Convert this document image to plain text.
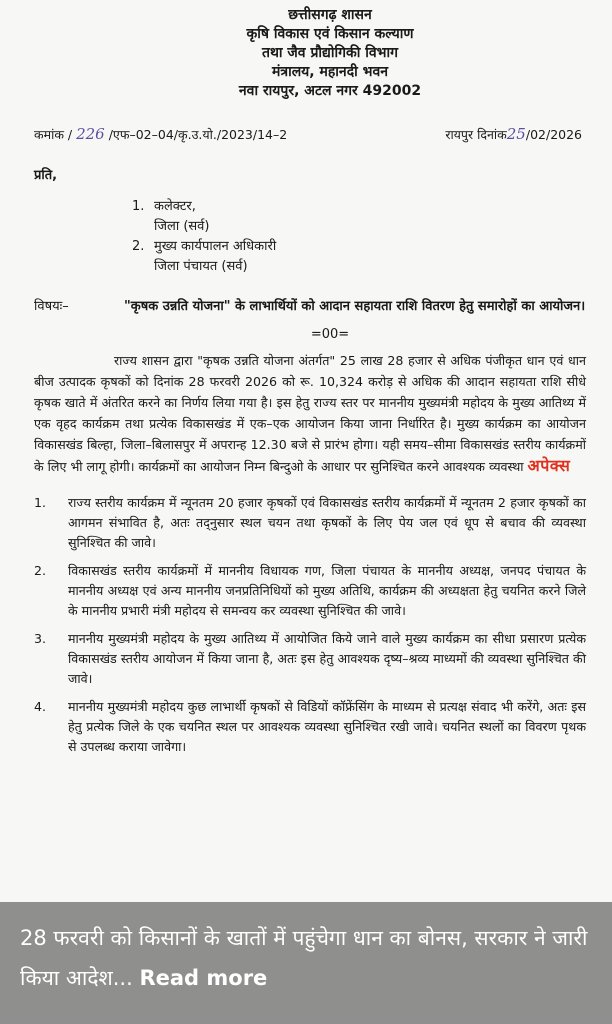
छत्तीसगढ़ शासन
कृषि विकास एवं किसान कल्याण
तथा जैव प्रौद्योगिकी विभाग
मंत्रालय, महानदी भवन
नवा रायपुर, अटल नगर 492002
कमांक / 226 /एफ–02–04/कृ.उ.यो./2023/14–2	रायपुर दिनांक25/02/2026
प्रति,
1. कलेक्टर,
जिला (सर्व)
2. मुख्य कार्यपालन अधिकारी
जिला पंचायत (सर्व)
विषयः–	"कृषक उन्नति योजना" के लाभार्थियों को आदान सहायता राशि वितरण हेतु समारोहों का आयोजन।
=00=

राज्य शासन द्वारा "कृषक उन्नति योजना अंतर्गत" 25 लाख 28 हजार से अधिक पंजीकृत धान एवं धान बीज उत्पादक कृषकों को दिनांक 28 फरवरी 2026 को रू. 10,324 करोड़ से अधिक की आदान सहायता राशि सीधे कृषक खाते में अंतरित करने का निर्णय लिया गया है। इस हेतु राज्य स्तर पर माननीय मुख्यमंत्री महोदय के मुख्य आतिथ्य में एक वृहद कार्यक्रम तथा प्रत्येक विकासखंड में एक–एक आयोजन किया जाना निर्धारित है। मुख्य कार्यक्रम का आयोजन विकासखंड बिल्हा, जिला–बिलासपुर में अपरान्ह 12.30 बजे से प्रारंभ होगा। यही समय–सीमा विकासखंड स्तरीय कार्यक्रमों के लिए भी लागू होगी। कार्यक्रमों का आयोजन निम्न बिन्दुओ के आधार पर सुनिश्चित करने आवश्यक व्यवस्था अपेक्स

1.	राज्य स्तरीय कार्यक्रम में न्यूनतम 20 हजार कृषकों एवं विकासखंड स्तरीय कार्यक्रमों में न्यूनतम 2 हजार कृषकों का आगमन संभावित है, अतः तद्नुसार स्थल चयन तथा कृषकों के लिए पेय जल एवं धूप से बचाव की व्यवस्था सुनिश्चित की जावे।
2.	विकासखंड स्तरीय कार्यक्रमों में माननीय विधायक गण, जिला पंचायत के माननीय अध्यक्ष, जनपद पंचायत के माननीय अध्यक्ष एवं अन्य माननीय जनप्रतिनिधियों को मुख्य अतिथि, कार्यक्रम की अध्यक्षता हेतु चयनित करने जिले के माननीय प्रभारी मंत्री महोदय से समन्वय कर व्यवस्था सुनिश्चित की जावे।
3.	माननीय मुख्यमंत्री महोदय के मुख्य आतिथ्य में आयोजित किये जाने वाले मुख्य कार्यक्रम का सीधा प्रसारण प्रत्येक विकासखंड स्तरीय आयोजन में किया जाना है, अतः इस हेतु आवश्यक दृष्य–श्रव्य माध्यमों की व्यवस्था सुनिश्चित की जावे।
4.	माननीय मुख्यमंत्री महोदय कुछ लाभार्थी कृषकों से विडियों कॉफ्रेंसिंग के माध्यम से प्रत्यक्ष संवाद भी करेंगे, अतः इस हेतु प्रत्येक जिले के एक चयनित स्थल पर आवश्यक व्यवस्था सुनिश्चित रखी जावे। चयनित स्थलों का विवरण पृथक से उपलब्ध कराया जावेगा।
28 फरवरी को किसानों के खातों में पहुंचेगा धान का बोनस, सरकार ने जारी किया आदेश... Read more
